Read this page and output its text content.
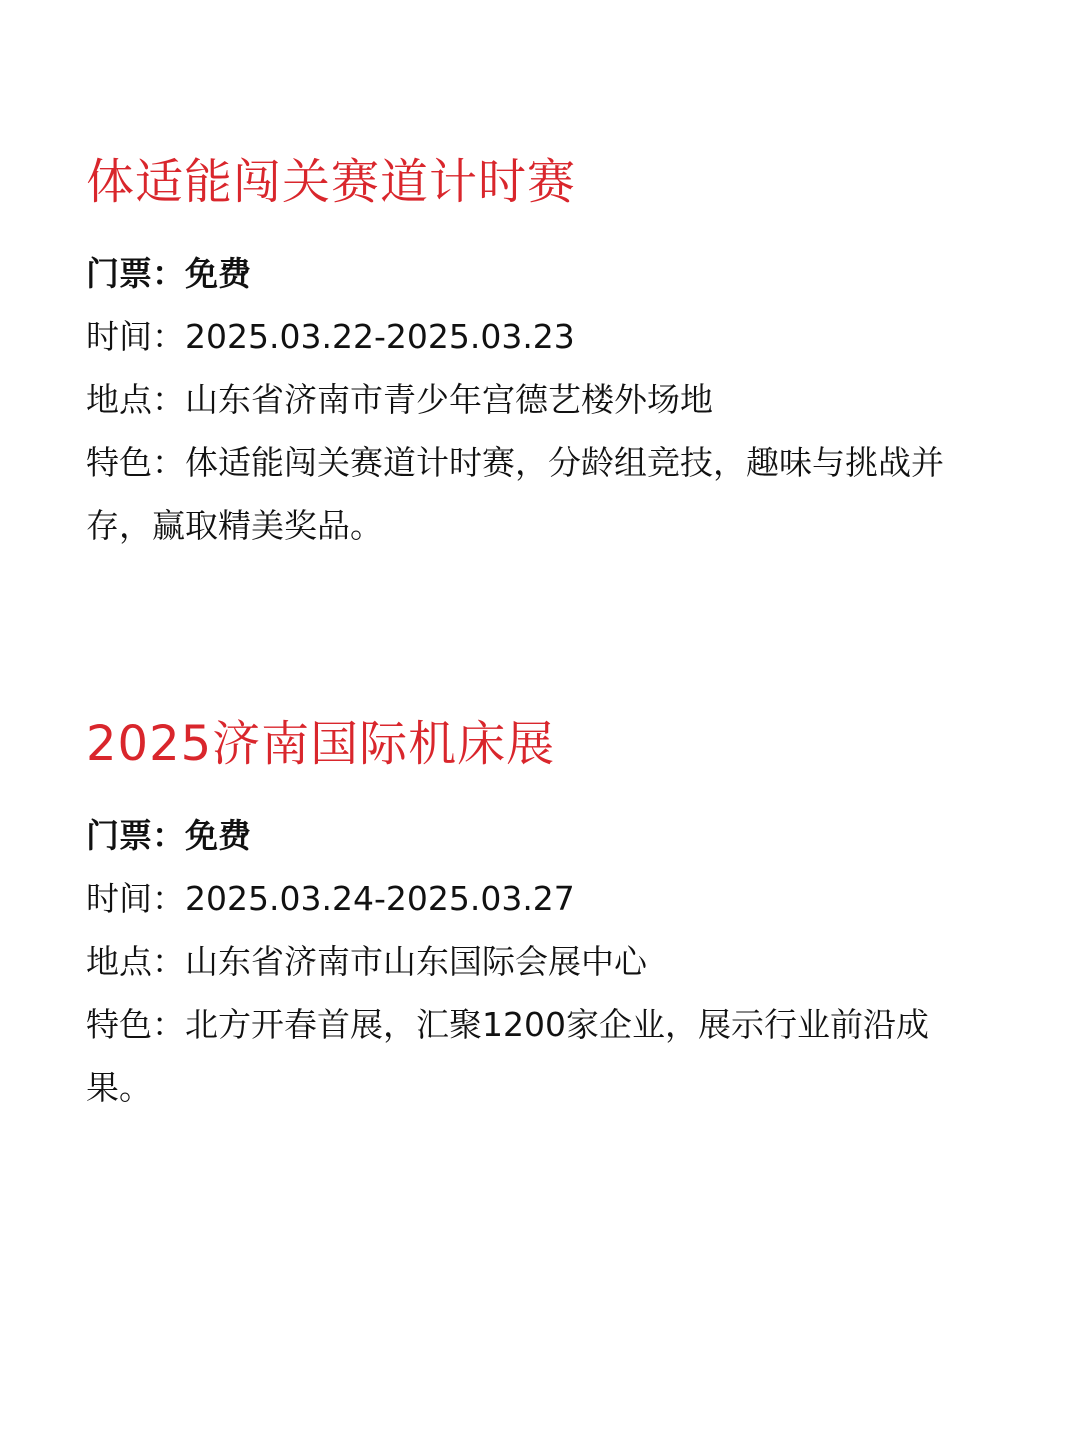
体适能闯关赛道计时赛

门票：免费

时间：2025.03.22-2025.03.23

地点：山东省济南市青少年宫德艺楼外场地

特色：体适能闯关赛道计时赛，分龄组竞技，趣味与挑战并存，赢取精美奖品。

2025济南国际机床展

门票：免费

时间：2025.03.24-2025.03.27

地点：山东省济南市山东国际会展中心

特色：北方开春首展，汇聚1200家企业，展示行业前沿成果。
